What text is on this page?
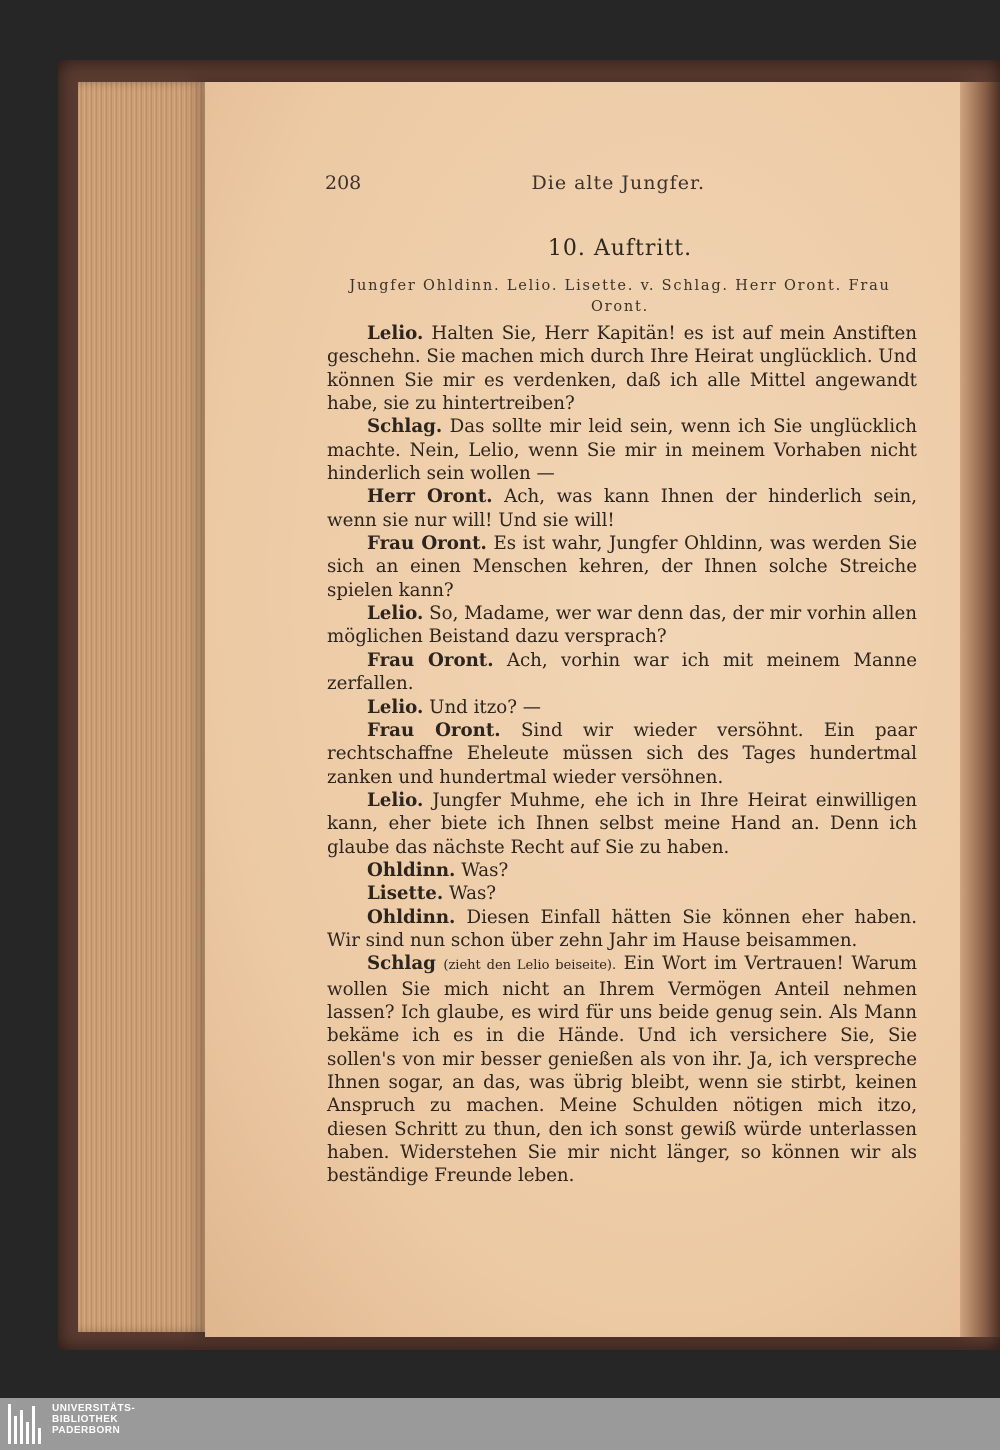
208	Die alte Jungfer.
10. Auftritt.
Jungfer Ohldinn. Lelio. Lisette. v. Schlag. Herr Oront. Frau Oront.

Lelio. Halten Sie, Herr Kapitän! es ist auf mein Anstiften geschehn. Sie machen mich durch Ihre Heirat unglücklich. Und können Sie mir es verdenken, daß ich alle Mittel angewandt habe, sie zu hintertreiben?

Schlag. Das sollte mir leid sein, wenn ich Sie unglücklich machte. Nein, Lelio, wenn Sie mir in meinem Vorhaben nicht hinderlich sein wollen —

Herr Oront. Ach, was kann Ihnen der hinderlich sein, wenn sie nur will! Und sie will!

Frau Oront. Es ist wahr, Jungfer Ohldinn, was werden Sie sich an einen Menschen kehren, der Ihnen solche Streiche spielen kann?

Lelio. So, Madame, wer war denn das, der mir vorhin allen möglichen Beistand dazu versprach?

Frau Oront. Ach, vorhin war ich mit meinem Manne zerfallen.

Lelio. Und itzo? —

Frau Oront. Sind wir wieder versöhnt. Ein paar rechtschaffne Eheleute müssen sich des Tages hundertmal zanken und hundertmal wieder versöhnen.

Lelio. Jungfer Muhme, ehe ich in Ihre Heirat einwilligen kann, eher biete ich Ihnen selbst meine Hand an. Denn ich glaube das nächste Recht auf Sie zu haben.

Ohldinn. Was?

Lisette. Was?

Ohldinn. Diesen Einfall hätten Sie können eher haben. Wir sind nun schon über zehn Jahr im Hause beisammen.

Schlag (zieht den Lelio beiseite). Ein Wort im Vertrauen! Warum wollen Sie mich nicht an Ihrem Vermögen Anteil nehmen lassen? Ich glaube, es wird für uns beide genug sein. Als Mann bekäme ich es in die Hände. Und ich versichere Sie, Sie sollen's von mir besser genießen als von ihr. Ja, ich verspreche Ihnen sogar, an das, was übrig bleibt, wenn sie stirbt, keinen Anspruch zu machen. Meine Schulden nötigen mich itzo, diesen Schritt zu thun, den ich sonst gewiß würde unterlassen haben. Widerstehen Sie mir nicht länger, so können wir als beständige Freunde leben.

UNIVERSITÄTS-
BIBLIOTHEK
PADERBORN
